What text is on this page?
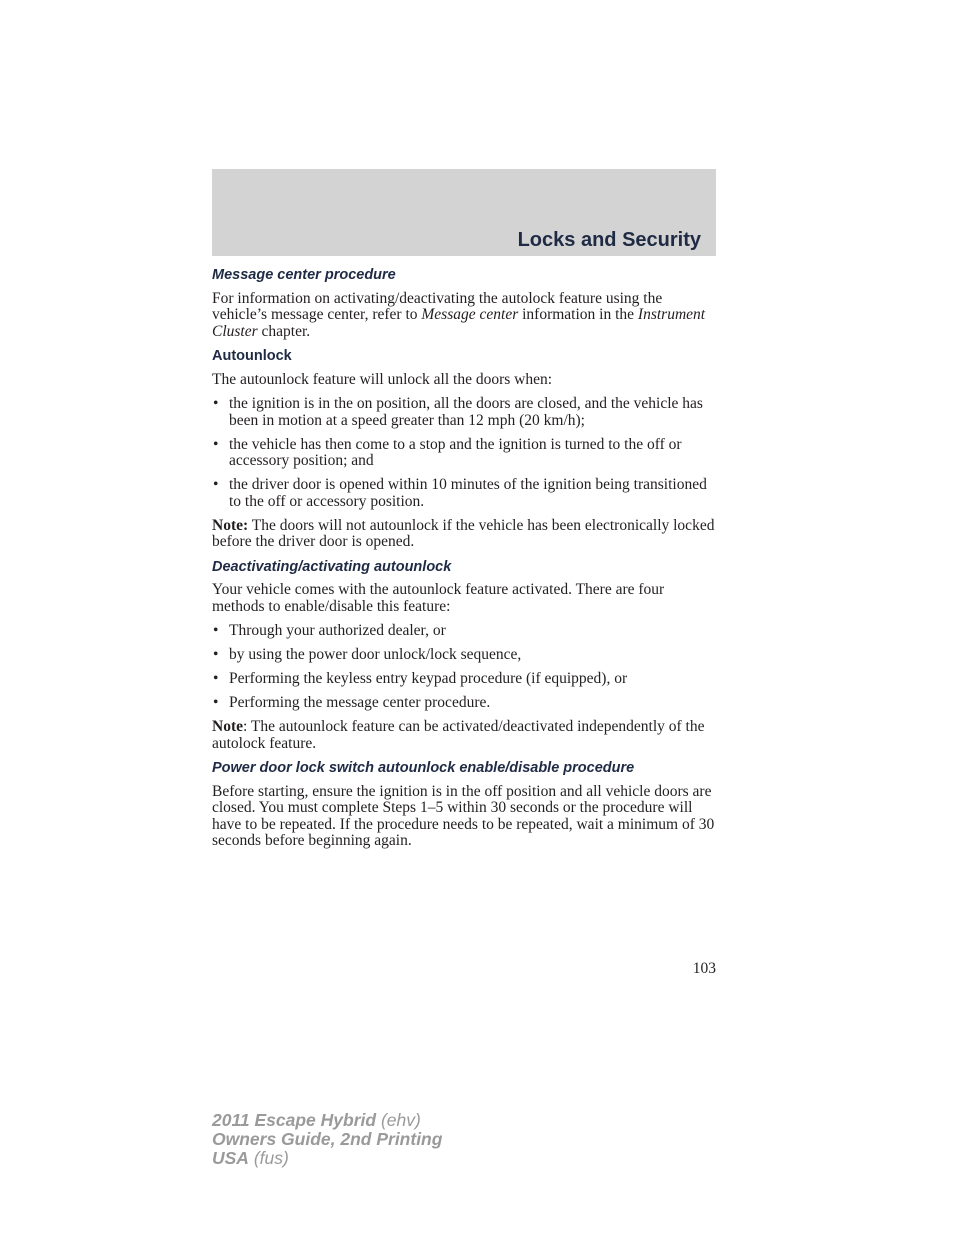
Locks and Security
Message center procedure

For information on activating/deactivating the autolock feature using the vehicle’s message center, refer to Message center information in the Instrument Cluster chapter.

Autounlock

The autounlock feature will unlock all the doors when:

• the ignition is in the on position, all the doors are closed, and the vehicle has been in motion at a speed greater than 12 mph (20 km/h);
• the vehicle has then come to a stop and the ignition is turned to the off or accessory position; and
• the driver door is opened within 10 minutes of the ignition being transitioned to the off or accessory position.

Note: The doors will not autounlock if the vehicle has been electronically locked before the driver door is opened.

Deactivating/activating autounlock

Your vehicle comes with the autounlock feature activated. There are four methods to enable/disable this feature:

• Through your authorized dealer, or
• by using the power door unlock/lock sequence,
• Performing the keyless entry keypad procedure (if equipped), or
• Performing the message center procedure.

Note: The autounlock feature can be activated/deactivated independently of the autolock feature.

Power door lock switch autounlock enable/disable procedure

Before starting, ensure the ignition is in the off position and all vehicle doors are closed. You must complete Steps 1–5 within 30 seconds or the procedure will have to be repeated. If the procedure needs to be repeated, wait a minimum of 30 seconds before beginning again.

103
2011 Escape Hybrid (ehv)
Owners Guide, 2nd Printing
USA (fus)
